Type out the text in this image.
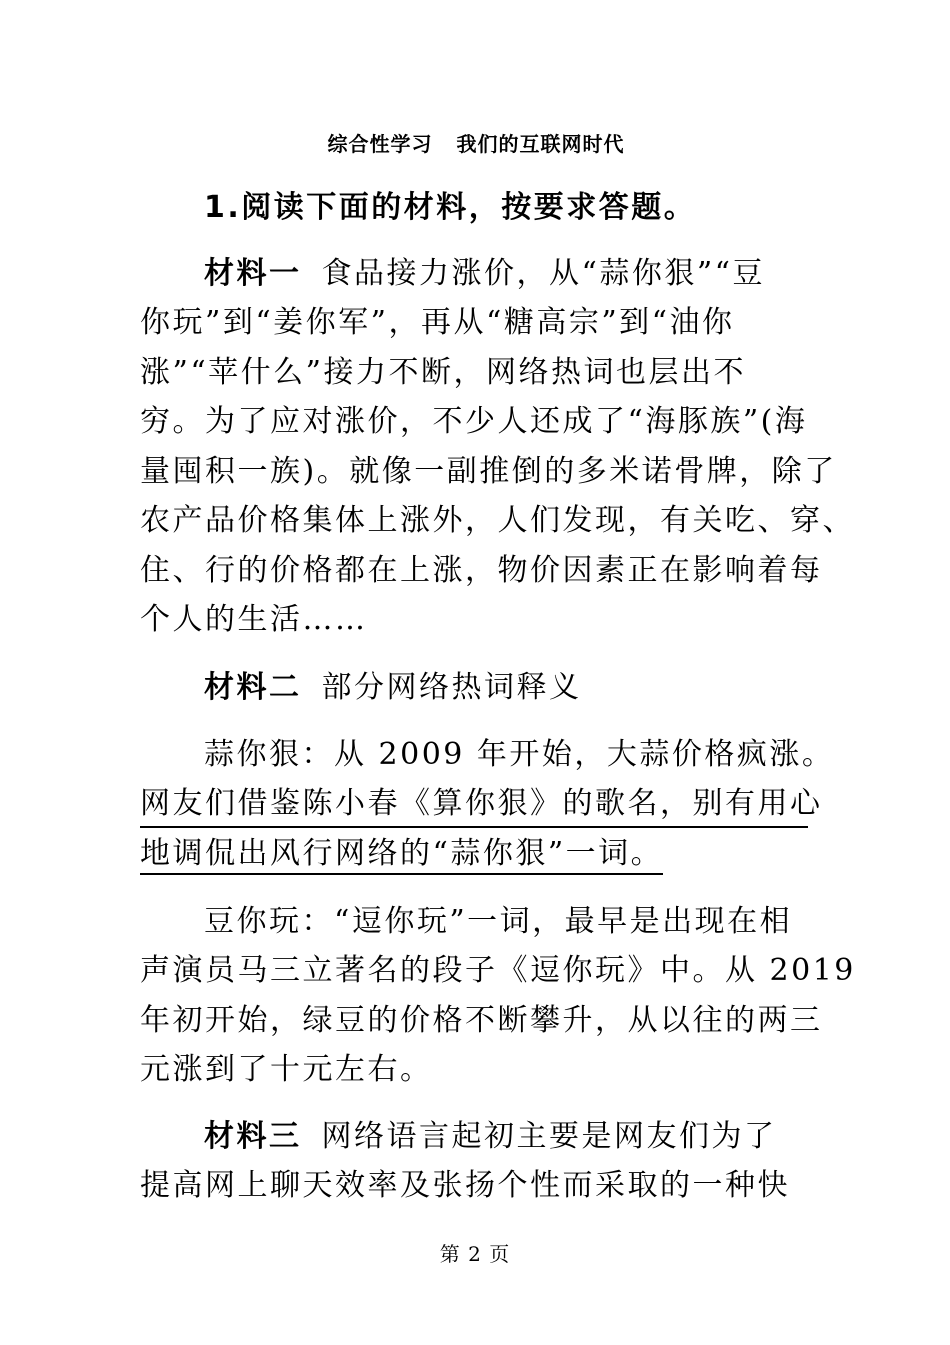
综合性学习 我们的互联网时代
1.阅读下面的材料，按要求答题。
材料一 食品接力涨价，从“蒜你狠”“豆
你玩”到“姜你军”，再从“糖高宗”到“油你
涨”“苹什么”接力不断，网络热词也层出不
穷。为了应对涨价，不少人还成了“海豚族”(海
量囤积一族)。就像一副推倒的多米诺骨牌，除了
农产品价格集体上涨外，人们发现，有关吃、穿、
住、行的价格都在上涨，物价因素正在影响着每
个人的生活……
材料二 部分网络热词释义
蒜你狠：从 2009 年开始，大蒜价格疯涨。
网友们借鉴陈小春《算你狠》的歌名，别有用心
地调侃出风行网络的“蒜你狠”一词。
豆你玩：“逗你玩”一词，最早是出现在相
声演员马三立著名的段子《逗你玩》中。从 2019
年初开始，绿豆的价格不断攀升，从以往的两三
元涨到了十元左右。
材料三 网络语言起初主要是网友们为了
提高网上聊天效率及张扬个性而采取的一种快
第 2 页
